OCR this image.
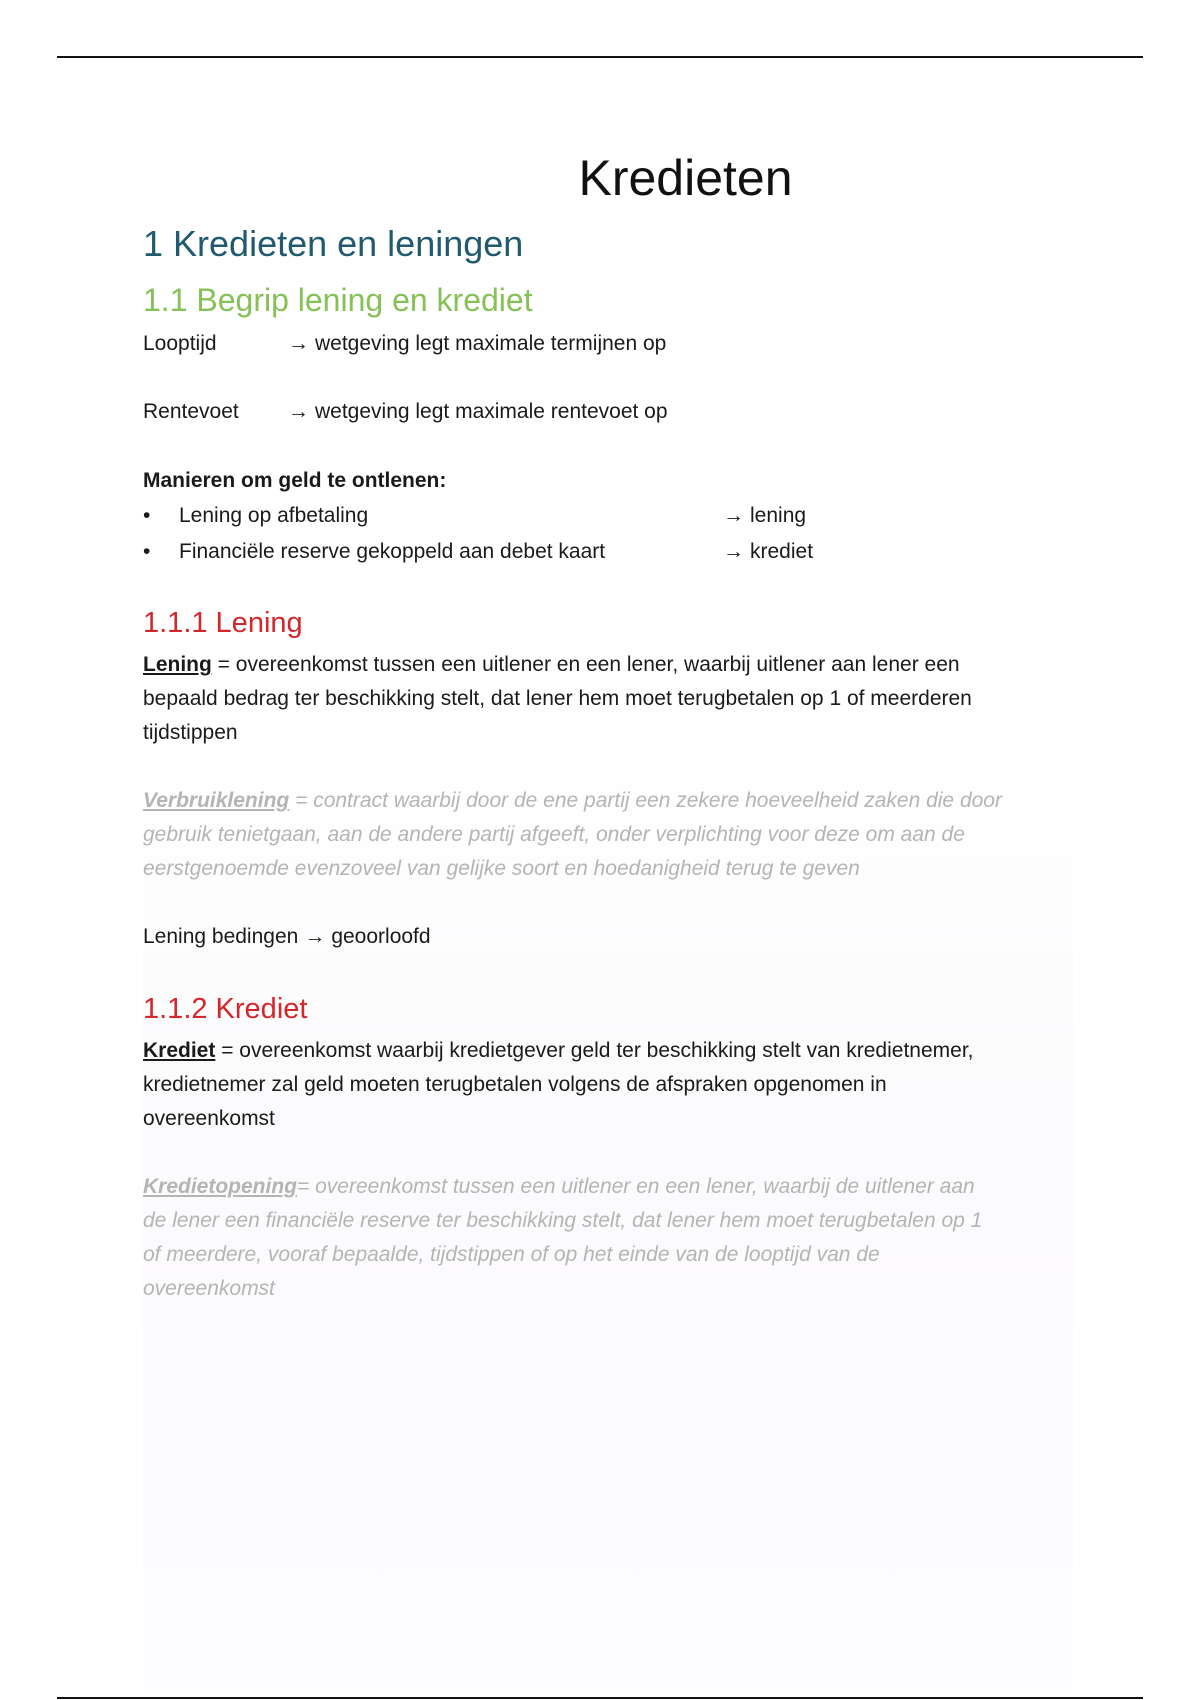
Kredieten
1 Kredieten en leningen
1.1 Begrip lening en krediet
Looptijd	→ wetgeving legt maximale termijnen op
Rentevoet → wetgeving legt maximale rentevoet op
Manieren om geld te ontlenen:
•	Lening op afbetaling	→ lening
•	Financiële reserve gekoppeld aan debet kaart	→ krediet
1.1.1 Lening
Lening = overeenkomst tussen een uitlener en een lener, waarbij uitlener aan lener een
bepaald bedrag ter beschikking stelt, dat lener hem moet terugbetalen op 1 of meerderen
tijdstippen
Verbruiklening = contract waarbij door de ene partij een zekere hoeveelheid zaken die door
gebruik tenietgaan, aan de andere partij afgeeft, onder verplichting voor deze om aan de
eerstgenoemde evenzoveel van gelijke soort en hoedanigheid terug te geven
Lening bedingen → geoorloofd
1.1.2 Krediet
Krediet = overeenkomst waarbij kredietgever geld ter beschikking stelt van kredietnemer,
kredietnemer zal geld moeten terugbetalen volgens de afspraken opgenomen in
overeenkomst
Kredietopening= overeenkomst tussen een uitlener en een lener, waarbij de uitlener aan
de lener een financiële reserve ter beschikking stelt, dat lener hem moet terugbetalen op 1
of meerdere, vooraf bepaalde, tijdstippen of op het einde van de looptijd van de
overeenkomst
